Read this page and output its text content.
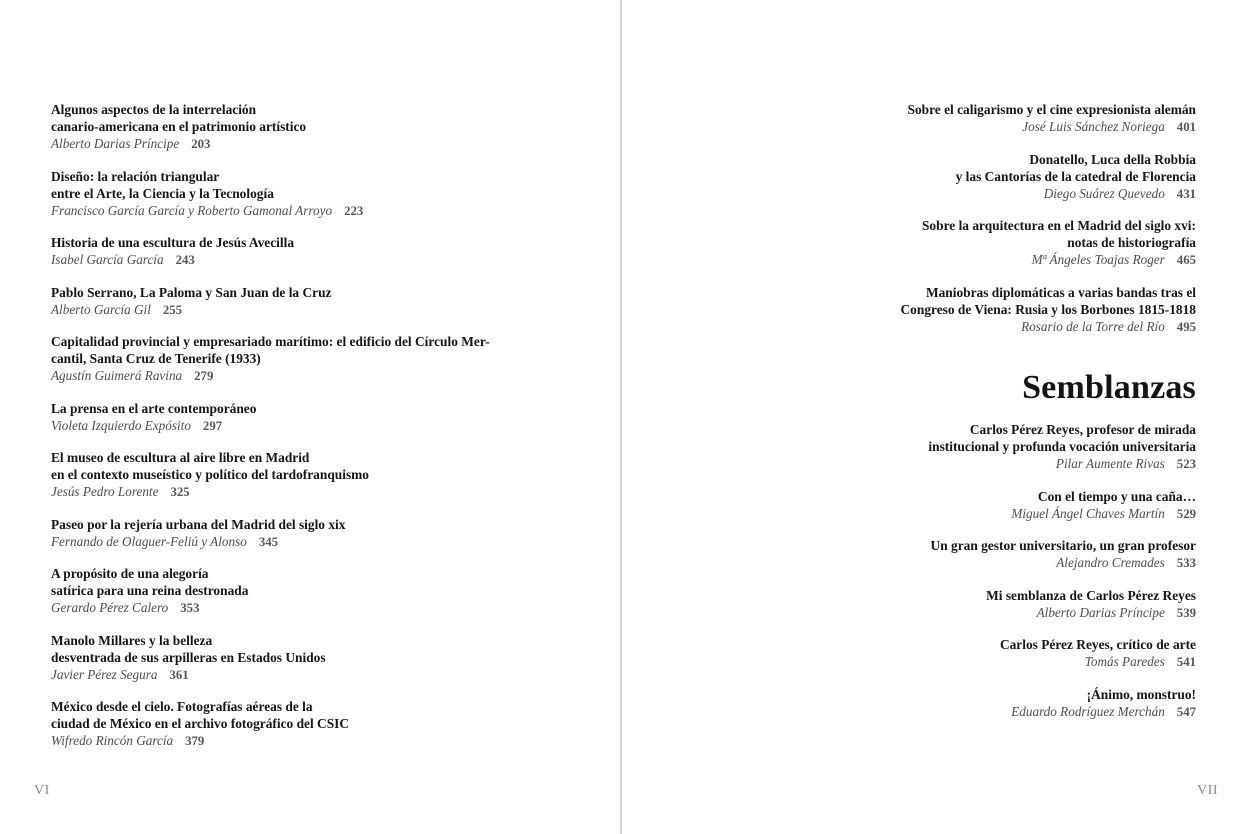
Algunos aspectos de la interrelación
canario-americana en el patrimonio artístico
Alberto Darias Príncipe 203
Diseño: la relación triangular
entre el Arte, la Ciencia y la Tecnología
Francisco García García y Roberto Gamonal Arroyo 223
Historia de una escultura de Jesús Avecilla
Isabel García García 243
Pablo Serrano, La Paloma y San Juan de la Cruz
Alberto García Gil 255
Capitalidad provincial y empresariado marítimo: el edificio del Círculo Mer-
cantil, Santa Cruz de Tenerife (1933)
Agustín Guimerá Ravina 279
La prensa en el arte contemporáneo
Violeta Izquierdo Expósito 297
El museo de escultura al aire libre en Madrid
en el contexto museístico y político del tardofranquismo
Jesús Pedro Lorente 325
Paseo por la rejería urbana del Madrid del siglo xix
Fernando de Olaguer-Feliú y Alonso 345
A propósito de una alegoría
satírica para una reina destronada
Gerardo Pérez Calero 353
Manolo Millares y la belleza
desventrada de sus arpilleras en Estados Unidos
Javier Pérez Segura 361
México desde el cielo. Fotografías aéreas de la
ciudad de México en el archivo fotográfico del CSIC
Wifredo Rincón García 379
VI
Sobre el caligarismo y el cine expresionista alemán
José Luis Sánchez Noriega 401
Donatello, Luca della Robbia
y las Cantorías de la catedral de Florencia
Diego Suárez Quevedo 431
Sobre la arquitectura en el Madrid del siglo xvi:
notas de historiografía
Mª Ángeles Toajas Roger 465
Maniobras diplomáticas a varias bandas tras el
Congreso de Viena: Rusia y los Borbones 1815-1818
Rosario de la Torre del Río 495
Semblanzas
Carlos Pérez Reyes, profesor de mirada
institucional y profunda vocación universitaria
Pilar Aumente Rivas 523
Con el tiempo y una caña…
Miguel Ángel Chaves Martín 529
Un gran gestor universitario, un gran profesor
Alejandro Cremades 533
Mi semblanza de Carlos Pérez Reyes
Alberto Darias Príncipe 539
Carlos Pérez Reyes, crítico de arte
Tomás Paredes 541
¡Ánimo, monstruo!
Eduardo Rodríguez Merchán 547
VII
